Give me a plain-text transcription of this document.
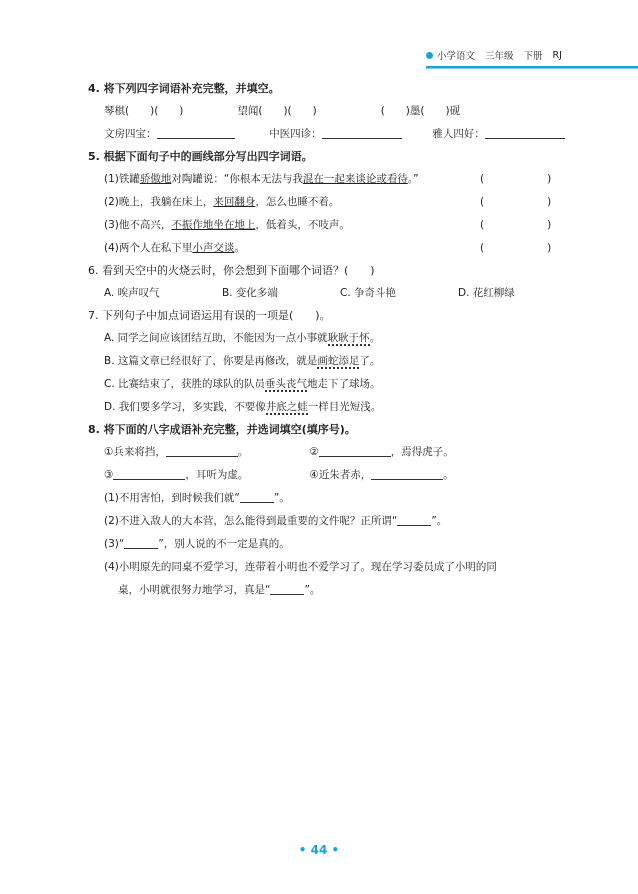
小学语文 三年级 下册 RJ
4. 将下列四字词语补充完整，并填空。
琴棋(　　)(　　)	望闻(　　)(　　)	(　　)墨(　　)砚
文房四宝：	中医四诊：	雅人四好：
5. 根据下面句子中的画线部分写出四字词语。
(1)铁罐骄傲地对陶罐说：“你根本无法与我混在一起来谈论或看待。”	(　　　　　　)
(2)晚上，我躺在床上，来回翻身，怎么也睡不着。	(　　　　　　)
(3)他不高兴，不振作地坐在地上，低着头，不吱声。	(　　　　　　)
(4)两个人在私下里小声交谈。	(　　　　　　)
6. 看到天空中的火烧云时，你会想到下面哪个词语？(　　)
A. 唉声叹气	B. 变化多端	C. 争奇斗艳	D. 花红柳绿
7. 下列句子中加点词语运用有误的一项是(　　)。
A. 同学之间应该团结互助，不能因为一点小事就耿耿于怀。
B. 这篇文章已经很好了，你要是再修改，就是画蛇添足了。
C. 比赛结束了，获胜的球队的队员垂头丧气地走下了球场。
D. 我们要多学习，多实践，不要像井底之蛙一样目光短浅。
8. 将下面的八字成语补充完整，并选词填空(填序号)。
①兵来将挡，	。	②	，焉得虎子。
③	，耳听为虚。	④近朱者赤，	。
(1)不用害怕，到时候我们就“	”。
(2)不进入敌人的大本营，怎么能得到最重要的文件呢？正所谓“	”。
(3)“	”，别人说的不一定是真的。
(4)小明原先的同桌不爱学习，连带着小明也不爱学习了。现在学习委员成了小明的同
桌，小明就很努力地学习，真是“	”。
• 44 •
